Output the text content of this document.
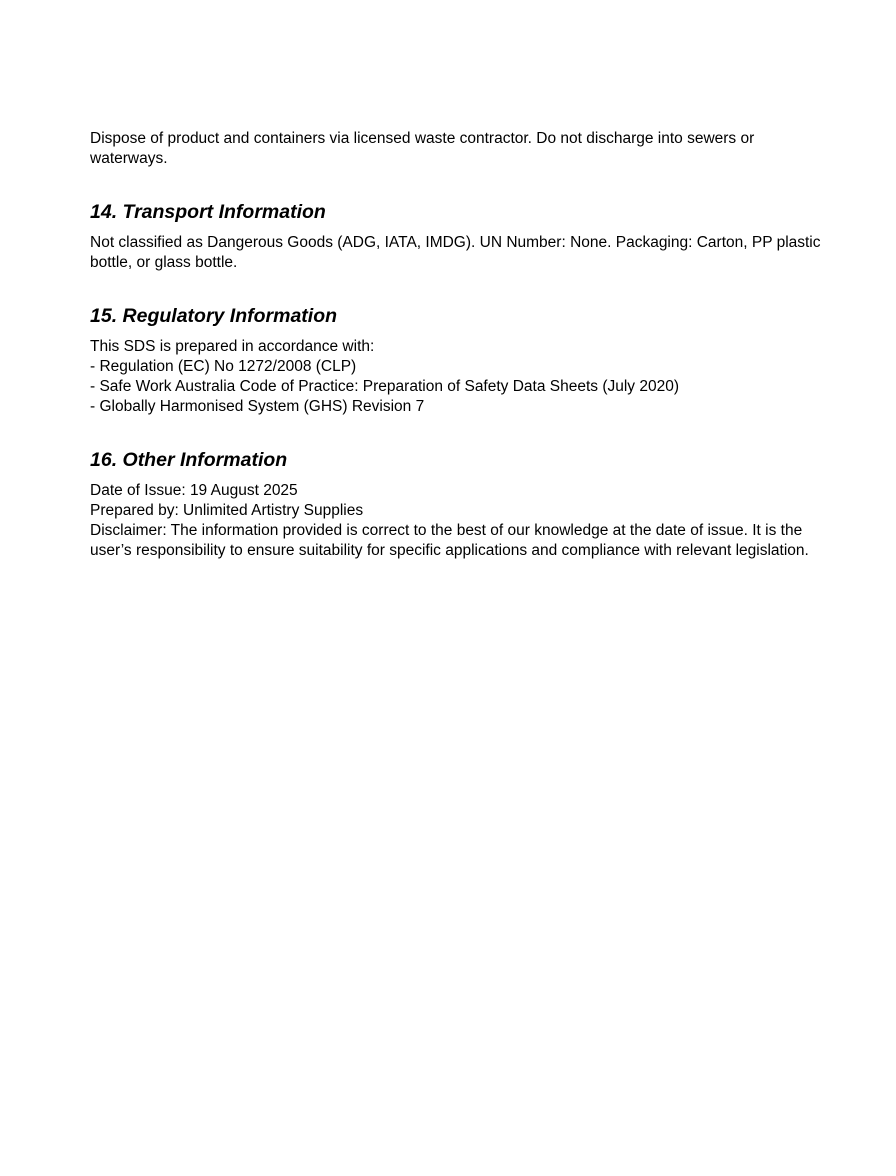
Dispose of product and containers via licensed waste contractor. Do not discharge into sewers or waterways.

14. Transport Information

Not classified as Dangerous Goods (ADG, IATA, IMDG). UN Number: None. Packaging: Carton, PP plastic bottle, or glass bottle.

15. Regulatory Information
This SDS is prepared in accordance with:
- Regulation (EC) No 1272/2008 (CLP)
- Safe Work Australia Code of Practice: Preparation of Safety Data Sheets (July 2020)
- Globally Harmonised System (GHS) Revision 7
16. Other Information
Date of Issue: 19 August 2025
Prepared by: Unlimited Artistry Supplies
Disclaimer: The information provided is correct to the best of our knowledge at the date of issue. It is the user’s responsibility to ensure suitability for specific applications and compliance with relevant legislation.
